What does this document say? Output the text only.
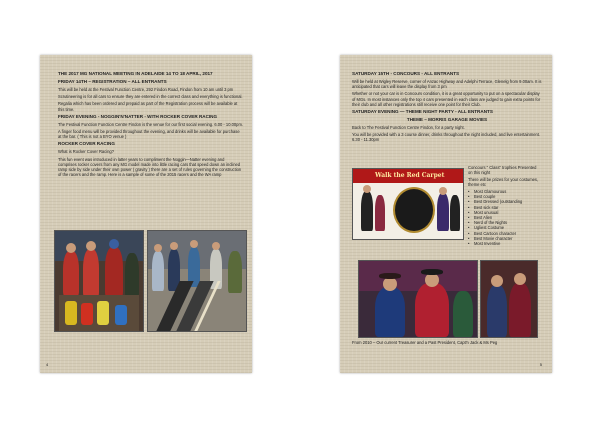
THE 2017 MG NATIONAL MEETING IN ADELAIDE 14 TO 18 APRIL, 2017
FRIDAY 14TH – REGISTRATION – ALL ENTRANTS
This will be held at the Festival Function Centre, 292 Findon Road, Findon from 10 am until 3 pm
Scrutineering is for all cars to ensure they are entered in the correct class and everything is functional.
Regalia which has been ordered and prepaid as part of the Registration process will be available at this time.
FRIDAY EVENING - NOGGIN'N'NATTER - WITH ROCKER COVER RACING
The Festival Function Function Centre Findon is the venue for our first social evening. 6.00 - 10.00pm.
A finger food menu will be provided throughout the evening, and drinks will be available for purchase at the bar. ( This is not a BYO venue )
ROCKER COVER RACING
What is Rocker Cover Racing?
This fun event was introduced in latter years to compliment the Noggin—Natter evening and comprises rocker covers from any MG model made into little racing cars that speed down an inclined ramp side by side under their own power ( gravity ) there are a set of rules governing the construction of the racers and the ramp. Here is a sample of some of the 2015 racers and the WA ramp
4
SATURDAY 15TH - CONCOURS - ALL ENTRANTS
Will be held at Wigley Reserve, corner of Anzac Highway and Adelphi Terrace, Glenelg from 9.00am. It is anticipated that cars will leave the display from 3 pm
Whether or not your car is in Concours condition, it is a great opportunity to put on a spectacular display of MGs. In most instances only the top 4 cars presented in each class are judged to gain extra points for their club and all other registrations still receive one point for their Club.
SATURDAY EVENING — THEME NIGHT PARTY - ALL ENTRANTS
THEME – MORRIS GARAGE MOVIES
Back to The Festival Function Centre Findon, for a party night.
You will be provided with a 3 course dinner, drinks throughout the night included, and live entertainment. 6.30 - 11.30pm
Walk the Red Carpet
Concours " Class" trophies Presented on this night
There will be prizes for your costumes, theme etc
• Most Glamourous
• Best couple
• Best Dressed (outstanding
• Best sick star
• Most unusual
• Best Alien
• Nerd of the Nights
• Ugliest Costume
• Best Cartoon character
• Best Movie character
• Most Inventive
From 2010 – Our current Treasurer and a Past President, Capt'n Jack & Ms Peg
5
